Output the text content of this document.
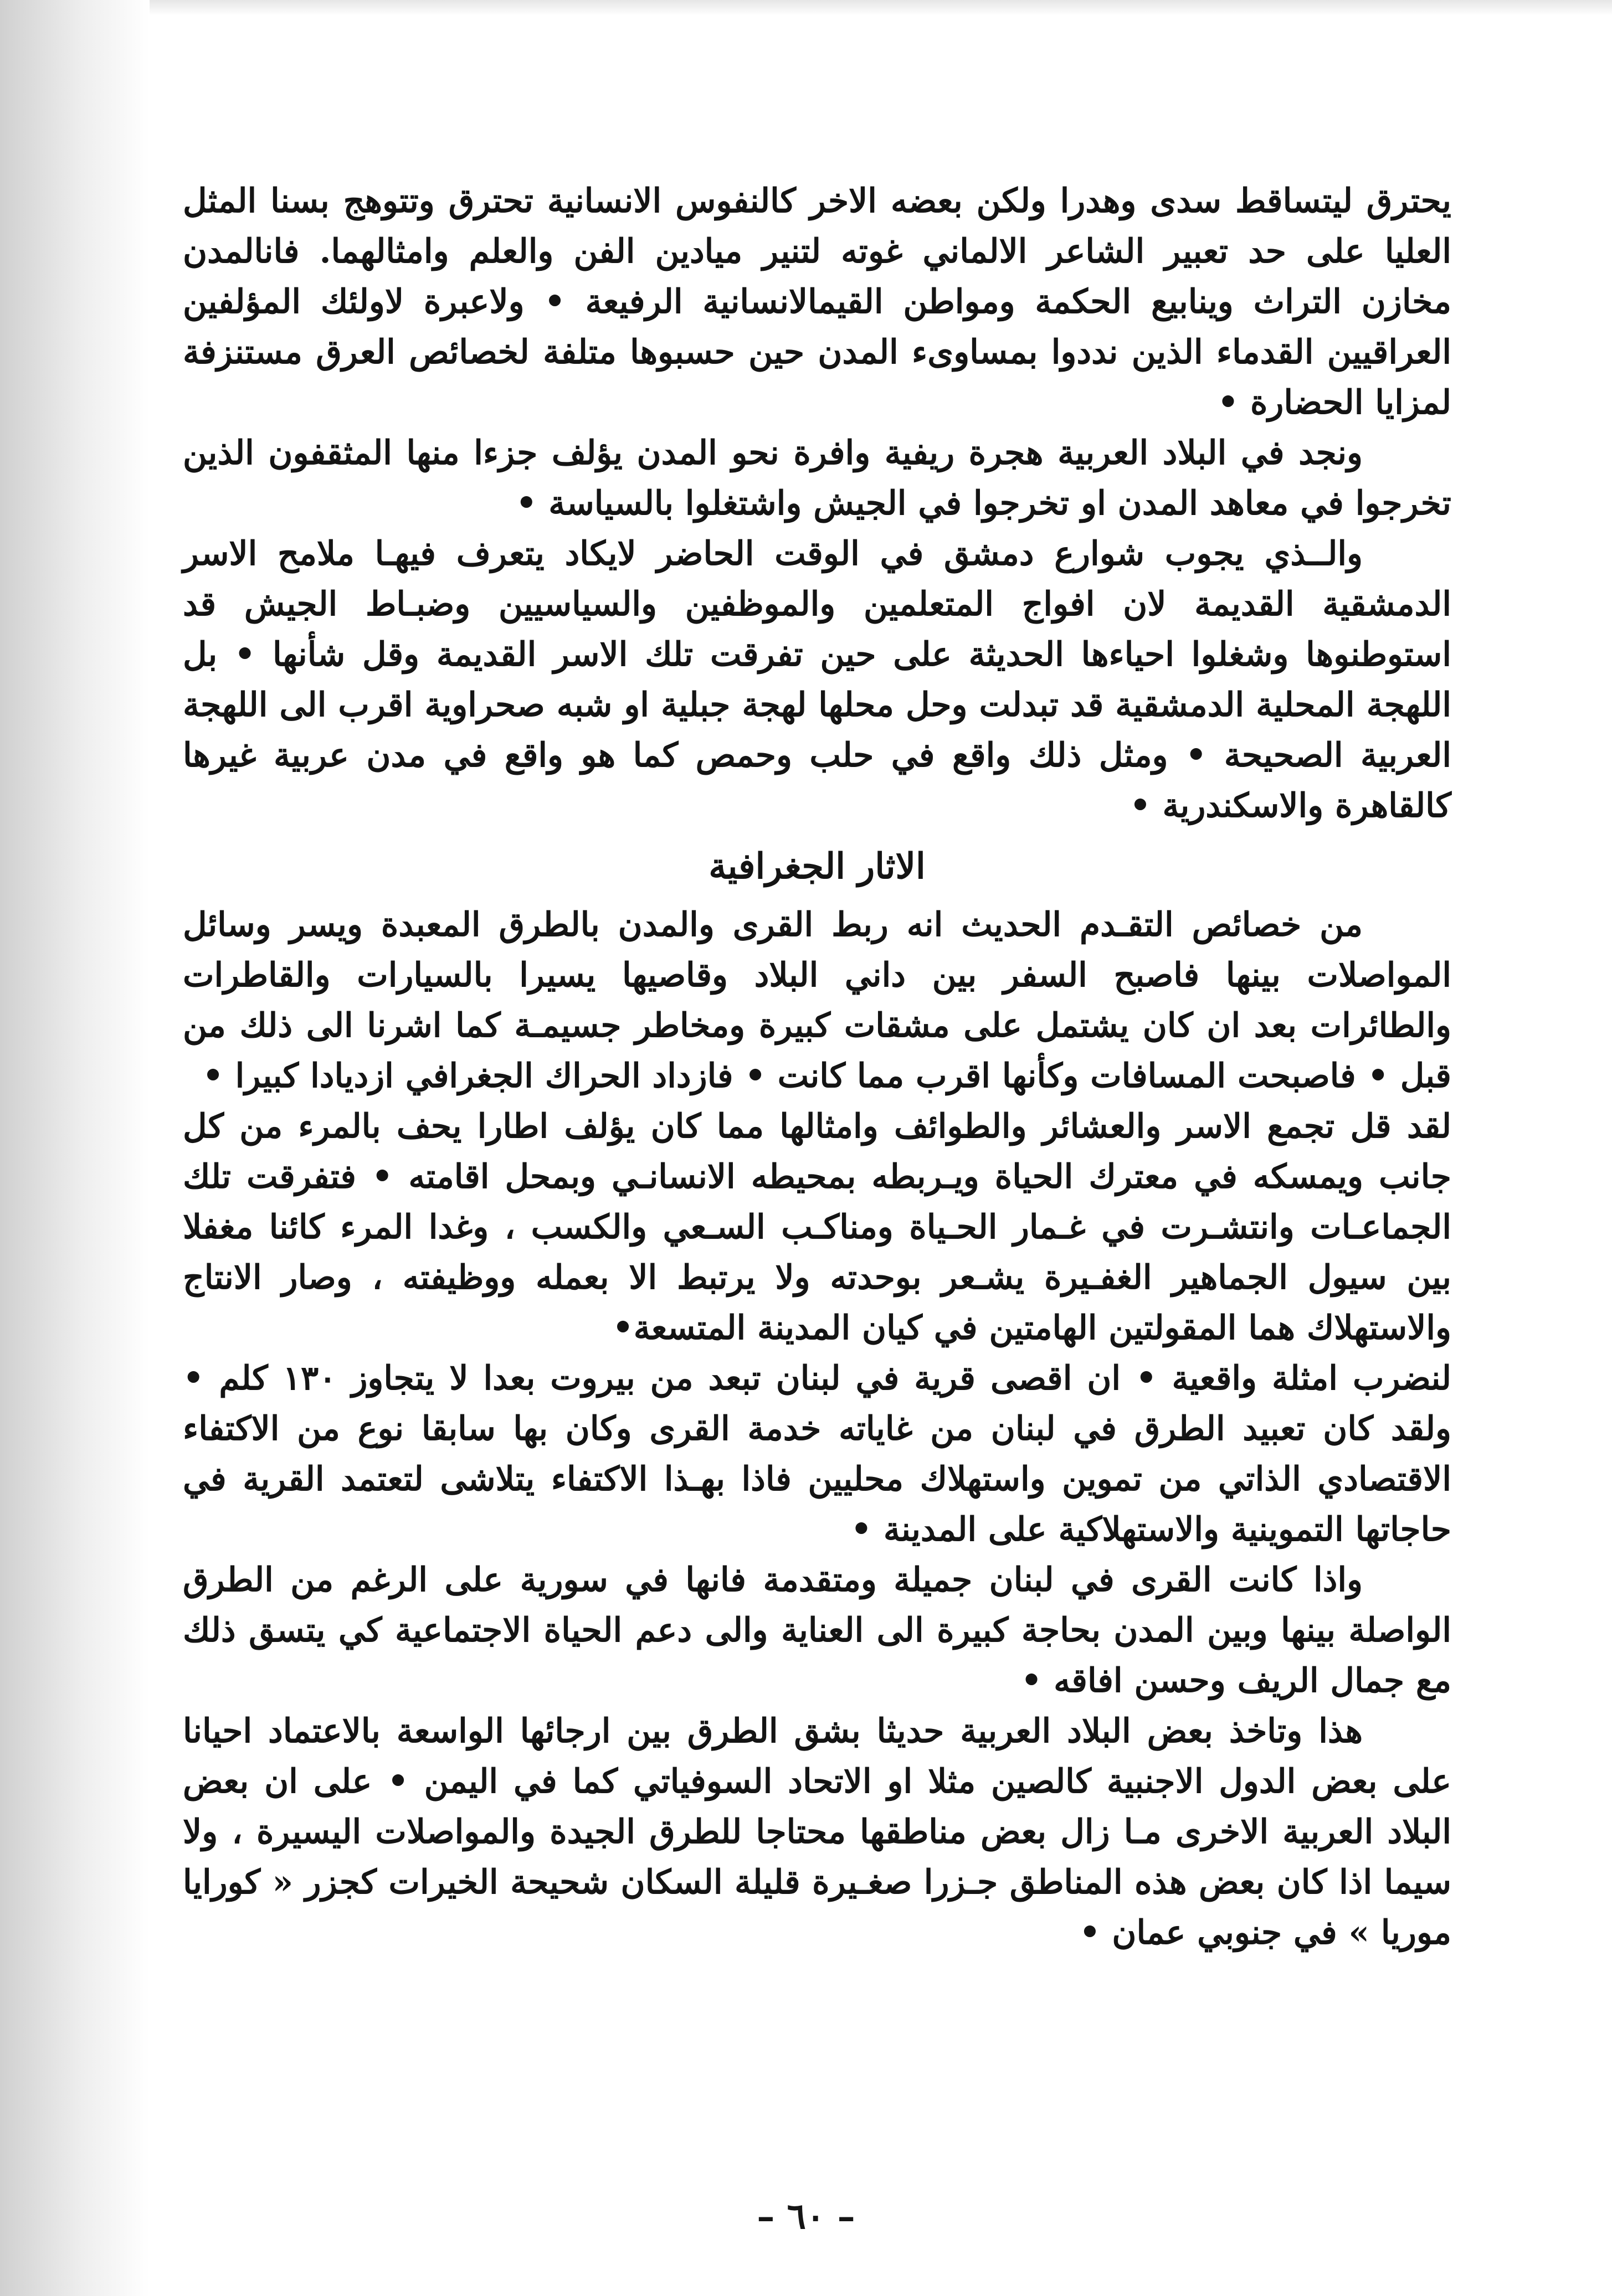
يحترق ليتساقط سدى وهدرا ولكن بعضه الاخر كالنفوس الانسانية تحترق وتتوهج بسنا المثل العليا على حد تعبير الشاعر الالماني غوته لتنير ميادين الفن والعلم وامثالهما. فانالمدن مخازن التراث وينابيع الحكمة ومواطن القيمالانسانية الرفيعة • ولاعبرة لاولئك المؤلفين العراقيين القدماء الذين نددوا بمساوىء المدن حين حسبوها متلفة لخصائص العرق مستنزفة لمزايا الحضارة •

ونجد في البلاد العربية هجرة ريفية وافرة نحو المدن يؤلف جزءا منها المثقفون الذين تخرجوا في معاهد المدن او تخرجوا في الجيش واشتغلوا بالسياسة •

والــذي يجوب شوارع دمشق في الوقت الحاضر لايكاد يتعرف فيهـا ملامح الاسر الدمشقية القديمة لان افواج المتعلمين والموظفين والسياسيين وضبـاط الجيش قد استوطنوها وشغلوا احياءها الحديثة على حين تفرقت تلك الاسر القديمة وقل شأنها • بل اللهجة المحلية الدمشقية قد تبدلت وحل محلها لهجة جبلية او شبه صحراوية اقرب الى اللهجة العربية الصحيحة • ومثل ذلك واقع في حلب وحمص كما هو واقع في مدن عربية غيرها كالقاهرة والاسكندرية •

الاثار الجغرافية

من خصائص التقـدم الحديث انه ربط القرى والمدن بالطرق المعبدة ويسر وسائل المواصلات بينها فاصبح السفر بين داني البلاد وقاصيها يسيرا بالسيارات والقاطرات والطائرات بعد ان كان يشتمل على مشقات كبيرة ومخاطر جسيمـة كما اشرنا الى ذلك من قبل • فاصبحت المسافات وكأنها اقرب مما كانت • فازداد الحراك الجغرافي ازديادا كبيرا •

لقد قل تجمع الاسر والعشائر والطوائف وامثالها مما كان يؤلف اطارا يحف بالمرء من كل جانب ويمسكه في معترك الحياة ويـربطه بمحيطه الانسانـي وبمحل اقامته • فتفرقت تلك الجماعـات وانتشـرت في غـمار الحـياة ومناكـب السـعي والكسب ، وغدا المرء كائنا مغفلا بين سيول الجماهير الغفـيرة يشـعر بوحدته ولا يرتبط الا بعمله ووظيفته ، وصار الانتاج والاستهلاك هما المقولتين الهامتين في كيان المدينة المتسعة•

لنضرب امثلة واقعية • ان اقصى قرية في لبنان تبعد من بيروت بعدا لا يتجاوز ١٣٠ كلم • ولقد كان تعبيد الطرق في لبنان من غاياته خدمة القرى وكان بها سابقا نوع من الاكتفاء الاقتصادي الذاتي من تموين واستهلاك محليين فاذا بهـذا الاكتفاء يتلاشى لتعتمد القرية في حاجاتها التموينية والاستهلاكية على المدينة •

واذا كانت القرى في لبنان جميلة ومتقدمة فانها في سورية على الرغم من الطرق الواصلة بينها وبين المدن بحاجة كبيرة الى العناية والى دعم الحياة الاجتماعية كي يتسق ذلك مع جمال الريف وحسن افاقه •

هذا وتاخذ بعض البلاد العربية حديثا بشق الطرق بين ارجائها الواسعة بالاعتماد احيانا على بعض الدول الاجنبية كالصين مثلا او الاتحاد السوفياتي كما في اليمن • على ان بعض البلاد العربية الاخرى مـا زال بعض مناطقها محتاجا للطرق الجيدة والمواصلات اليسيرة ، ولا سيما اذا كان بعض هذه المناطق جـزرا صغـيرة قليلة السكان شحيحة الخيرات كجزر « كورايا موريا » في جنوبي عمان •

– ٦٠ –
